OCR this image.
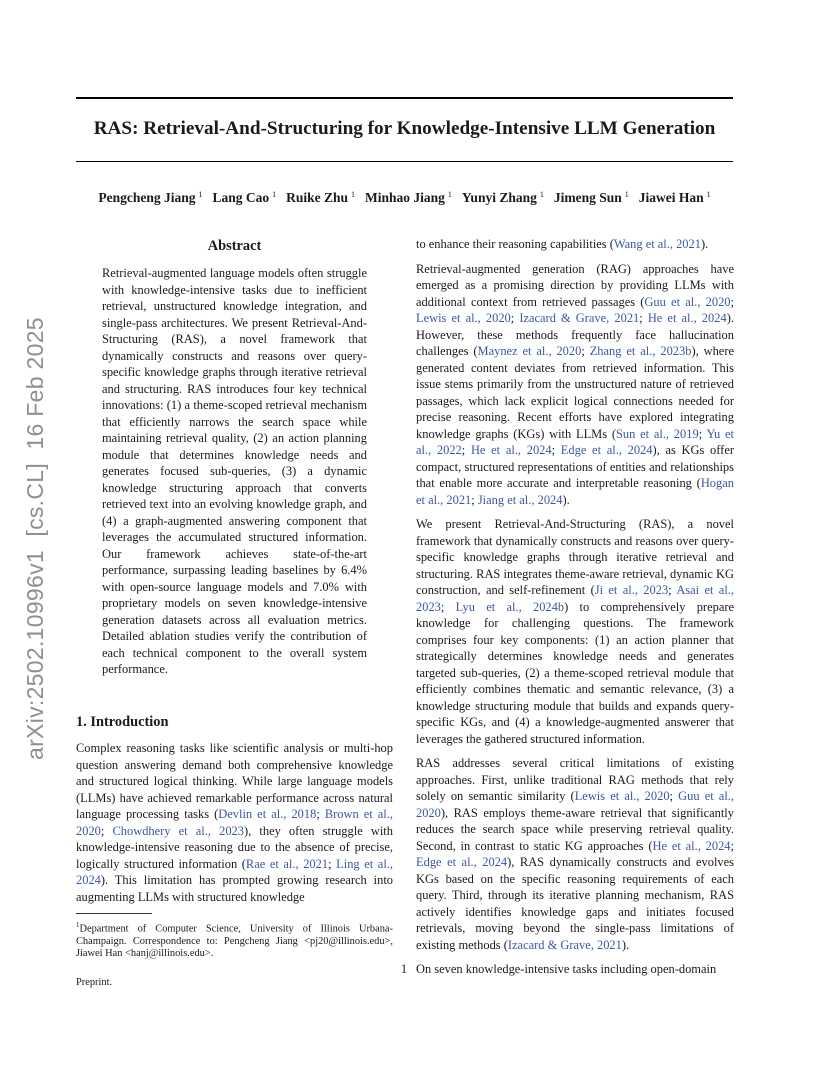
arXiv:2502.10996v1  [cs.CL]  16 Feb 2025
RAS: Retrieval-And-Structuring for Knowledge-Intensive LLM Generation
Pengcheng Jiang $^1$ Lang Cao $^1$ Ruike Zhu $^1$ Minhao Jiang $^1$ Yunyi Zhang $^1$ Jimeng Sun $^1$ Jiawei Han $^1$
Abstract
Retrieval-augmented language models often struggle with knowledge-intensive tasks due to inefficient retrieval, unstructured knowledge integration, and single-pass architectures. We present Retrieval-And-Structuring (RAS), a novel framework that dynamically constructs and reasons over query-specific knowledge graphs through iterative retrieval and structuring. RAS introduces four key technical innovations: (1) a theme-scoped retrieval mechanism that efficiently narrows the search space while maintaining retrieval quality, (2) an action planning module that determines knowledge needs and generates focused sub-queries, (3) a dynamic knowledge structuring approach that converts retrieved text into an evolving knowledge graph, and (4) a graph-augmented answering component that leverages the accumulated structured information. Our framework achieves state-of-the-art performance, surpassing leading baselines by 6.4% with open-source language models and 7.0% with proprietary models on seven knowledge-intensive generation datasets across all evaluation metrics. Detailed ablation studies verify the contribution of each technical component to the overall system performance.
1. Introduction

Complex reasoning tasks like scientific analysis or multi-hop question answering demand both comprehensive knowledge and structured logical thinking. While large language models (LLMs) have achieved remarkable performance across natural language processing tasks (Devlin et al., 2018; Brown et al., 2020; Chowdhery et al., 2023), they often struggle with knowledge-intensive reasoning due to the absence of precise, logically structured information (Rae et al., 2021; Ling et al., 2024). This limitation has prompted growing research into augmenting LLMs with structured knowledge

$^1$Department of Computer Science, University of Illinois Urbana-Champaign. Correspondence to: Pengcheng Jiang <pj20@illinois.edu>, Jiawei Han <hanj@illinois.edu>.
Preprint.

to enhance their reasoning capabilities (Wang et al., 2021).

Retrieval-augmented generation (RAG) approaches have emerged as a promising direction by providing LLMs with additional context from retrieved passages (Guu et al., 2020; Lewis et al., 2020; Izacard & Grave, 2021; He et al., 2024). However, these methods frequently face hallucination challenges (Maynez et al., 2020; Zhang et al., 2023b), where generated content deviates from retrieved information. This issue stems primarily from the unstructured nature of retrieved passages, which lack explicit logical connections needed for precise reasoning. Recent efforts have explored integrating knowledge graphs (KGs) with LLMs (Sun et al., 2019; Yu et al., 2022; He et al., 2024; Edge et al., 2024), as KGs offer compact, structured representations of entities and relationships that enable more accurate and interpretable reasoning (Hogan et al., 2021; Jiang et al., 2024).

We present Retrieval-And-Structuring (RAS), a novel framework that dynamically constructs and reasons over query-specific knowledge graphs through iterative retrieval and structuring. RAS integrates theme-aware retrieval, dynamic KG construction, and self-refinement (Ji et al., 2023; Asai et al., 2023; Lyu et al., 2024b) to comprehensively prepare knowledge for challenging questions. The framework comprises four key components: (1) an action planner that strategically determines knowledge needs and generates targeted sub-queries, (2) a theme-scoped retrieval module that efficiently combines thematic and semantic relevance, (3) a knowledge structuring module that builds and expands query-specific KGs, and (4) a knowledge-augmented answerer that leverages the gathered structured information.

RAS addresses several critical limitations of existing approaches. First, unlike traditional RAG methods that rely solely on semantic similarity (Lewis et al., 2020; Guu et al., 2020), RAS employs theme-aware retrieval that significantly reduces the search space while preserving retrieval quality. Second, in contrast to static KG approaches (He et al., 2024; Edge et al., 2024), RAS dynamically constructs and evolves KGs based on the specific reasoning requirements of each query. Third, through its iterative planning mechanism, RAS actively identifies knowledge gaps and initiates focused retrievals, moving beyond the single-pass limitations of existing methods (Izacard & Grave, 2021).

On seven knowledge-intensive tasks including open-domain

1
